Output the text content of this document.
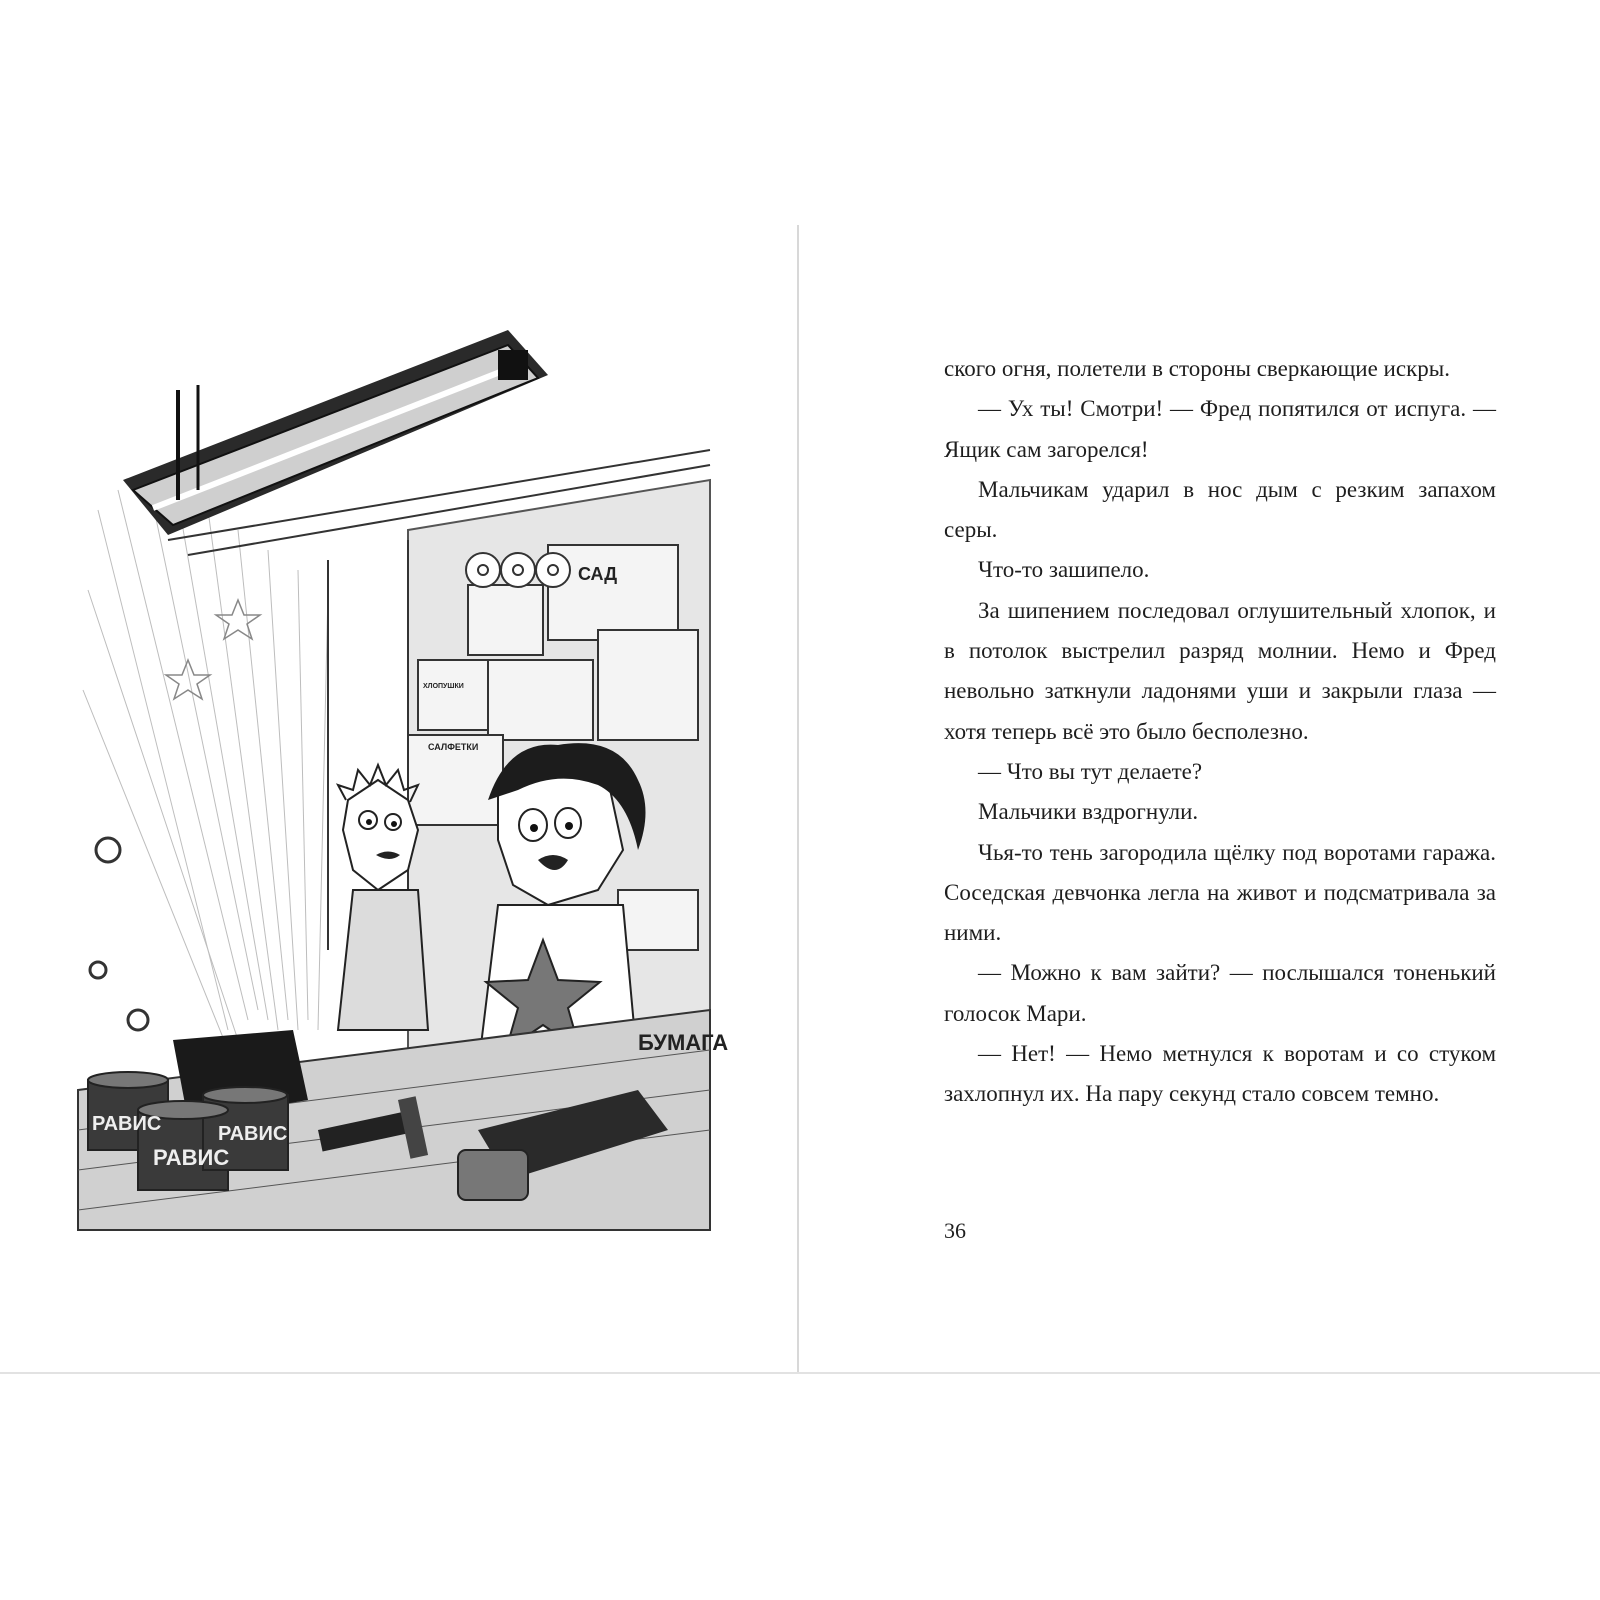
САД
САЛФЕТКИ
ХЛОПУШКИ
РАВИС
РАВИС
РАВИС
БУМАГА

ского огня, полетели в стороны сверкающие искры.

— Ух ты! Смотри! — Фред попятился от испуга. — Ящик сам загорелся!

Мальчикам ударил в нос дым с резким запахом серы.

Что-то зашипело.

За шипением последовал оглушительный хлопок, и в потолок выстрелил разряд молнии. Немо и Фред невольно заткнули ладонями уши и закрыли глаза — хотя теперь всё это было бесполезно.

— Что вы тут делаете?

Мальчики вздрогнули.

Чья-то тень загородила щёлку под воротами гаража. Соседская девчонка легла на живот и подсматривала за ними.

— Можно к вам зайти? — послышался тоненький голосок Мари.

— Нет! — Немо метнулся к воротам и со стуком захлопнул их. На пару секунд стало совсем темно.

36
